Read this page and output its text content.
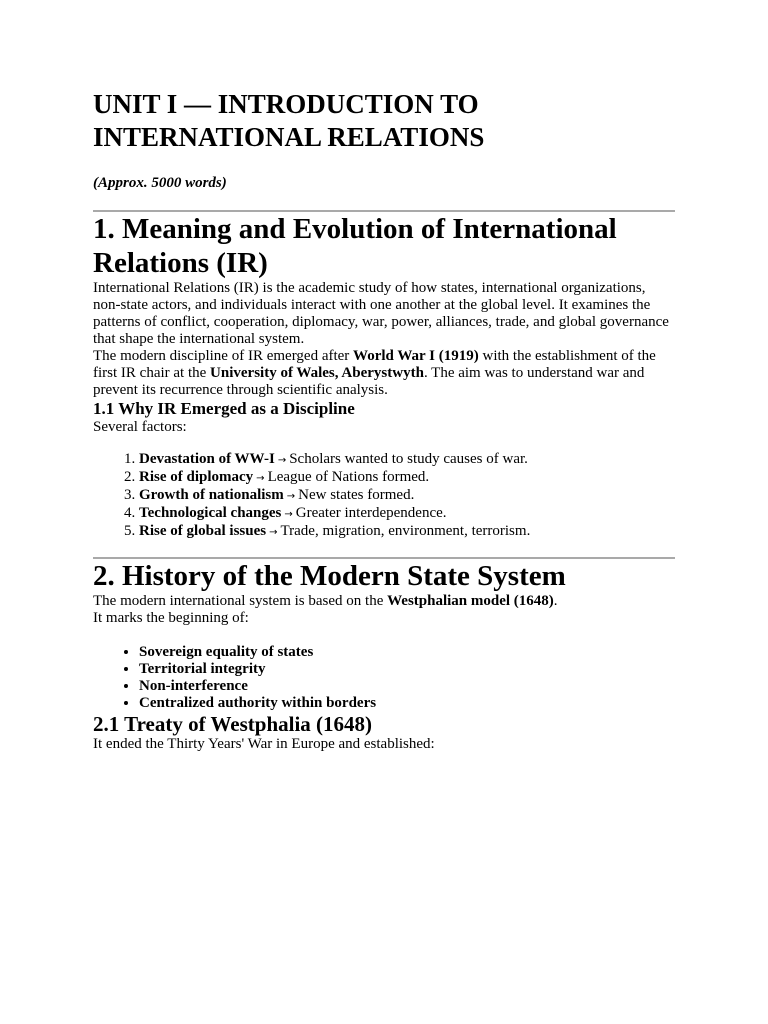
UNIT I — INTRODUCTION TO
INTERNATIONAL RELATIONS

(Approx. 5000 words)

1. Meaning and Evolution of International
Relations (IR)

International Relations (IR) is the academic study of how states, international organizations, non-state actors, and individuals interact with one another at the global level. It examines the patterns of conflict, cooperation, diplomacy, war, power, alliances, trade, and global governance that shape the international system.

The modern discipline of IR emerged after World War I (1919) with the establishment of the first IR chair at the University of Wales, Aberystwyth. The aim was to understand war and prevent its recurrence through scientific analysis.

1.1 Why IR Emerged as a Discipline

Several factors:

1. Devastation of WW-I → Scholars wanted to study causes of war.
2. Rise of diplomacy → League of Nations formed.
3. Growth of nationalism → New states formed.
4. Technological changes → Greater interdependence.
5. Rise of global issues → Trade, migration, environment, terrorism.
2. History of the Modern State System

The modern international system is based on the Westphalian model (1648).
It marks the beginning of:

• Sovereign equality of states
• Territorial integrity
• Non-interference
• Centralized authority within borders
2.1 Treaty of Westphalia (1648)

It ended the Thirty Years' War in Europe and established:
